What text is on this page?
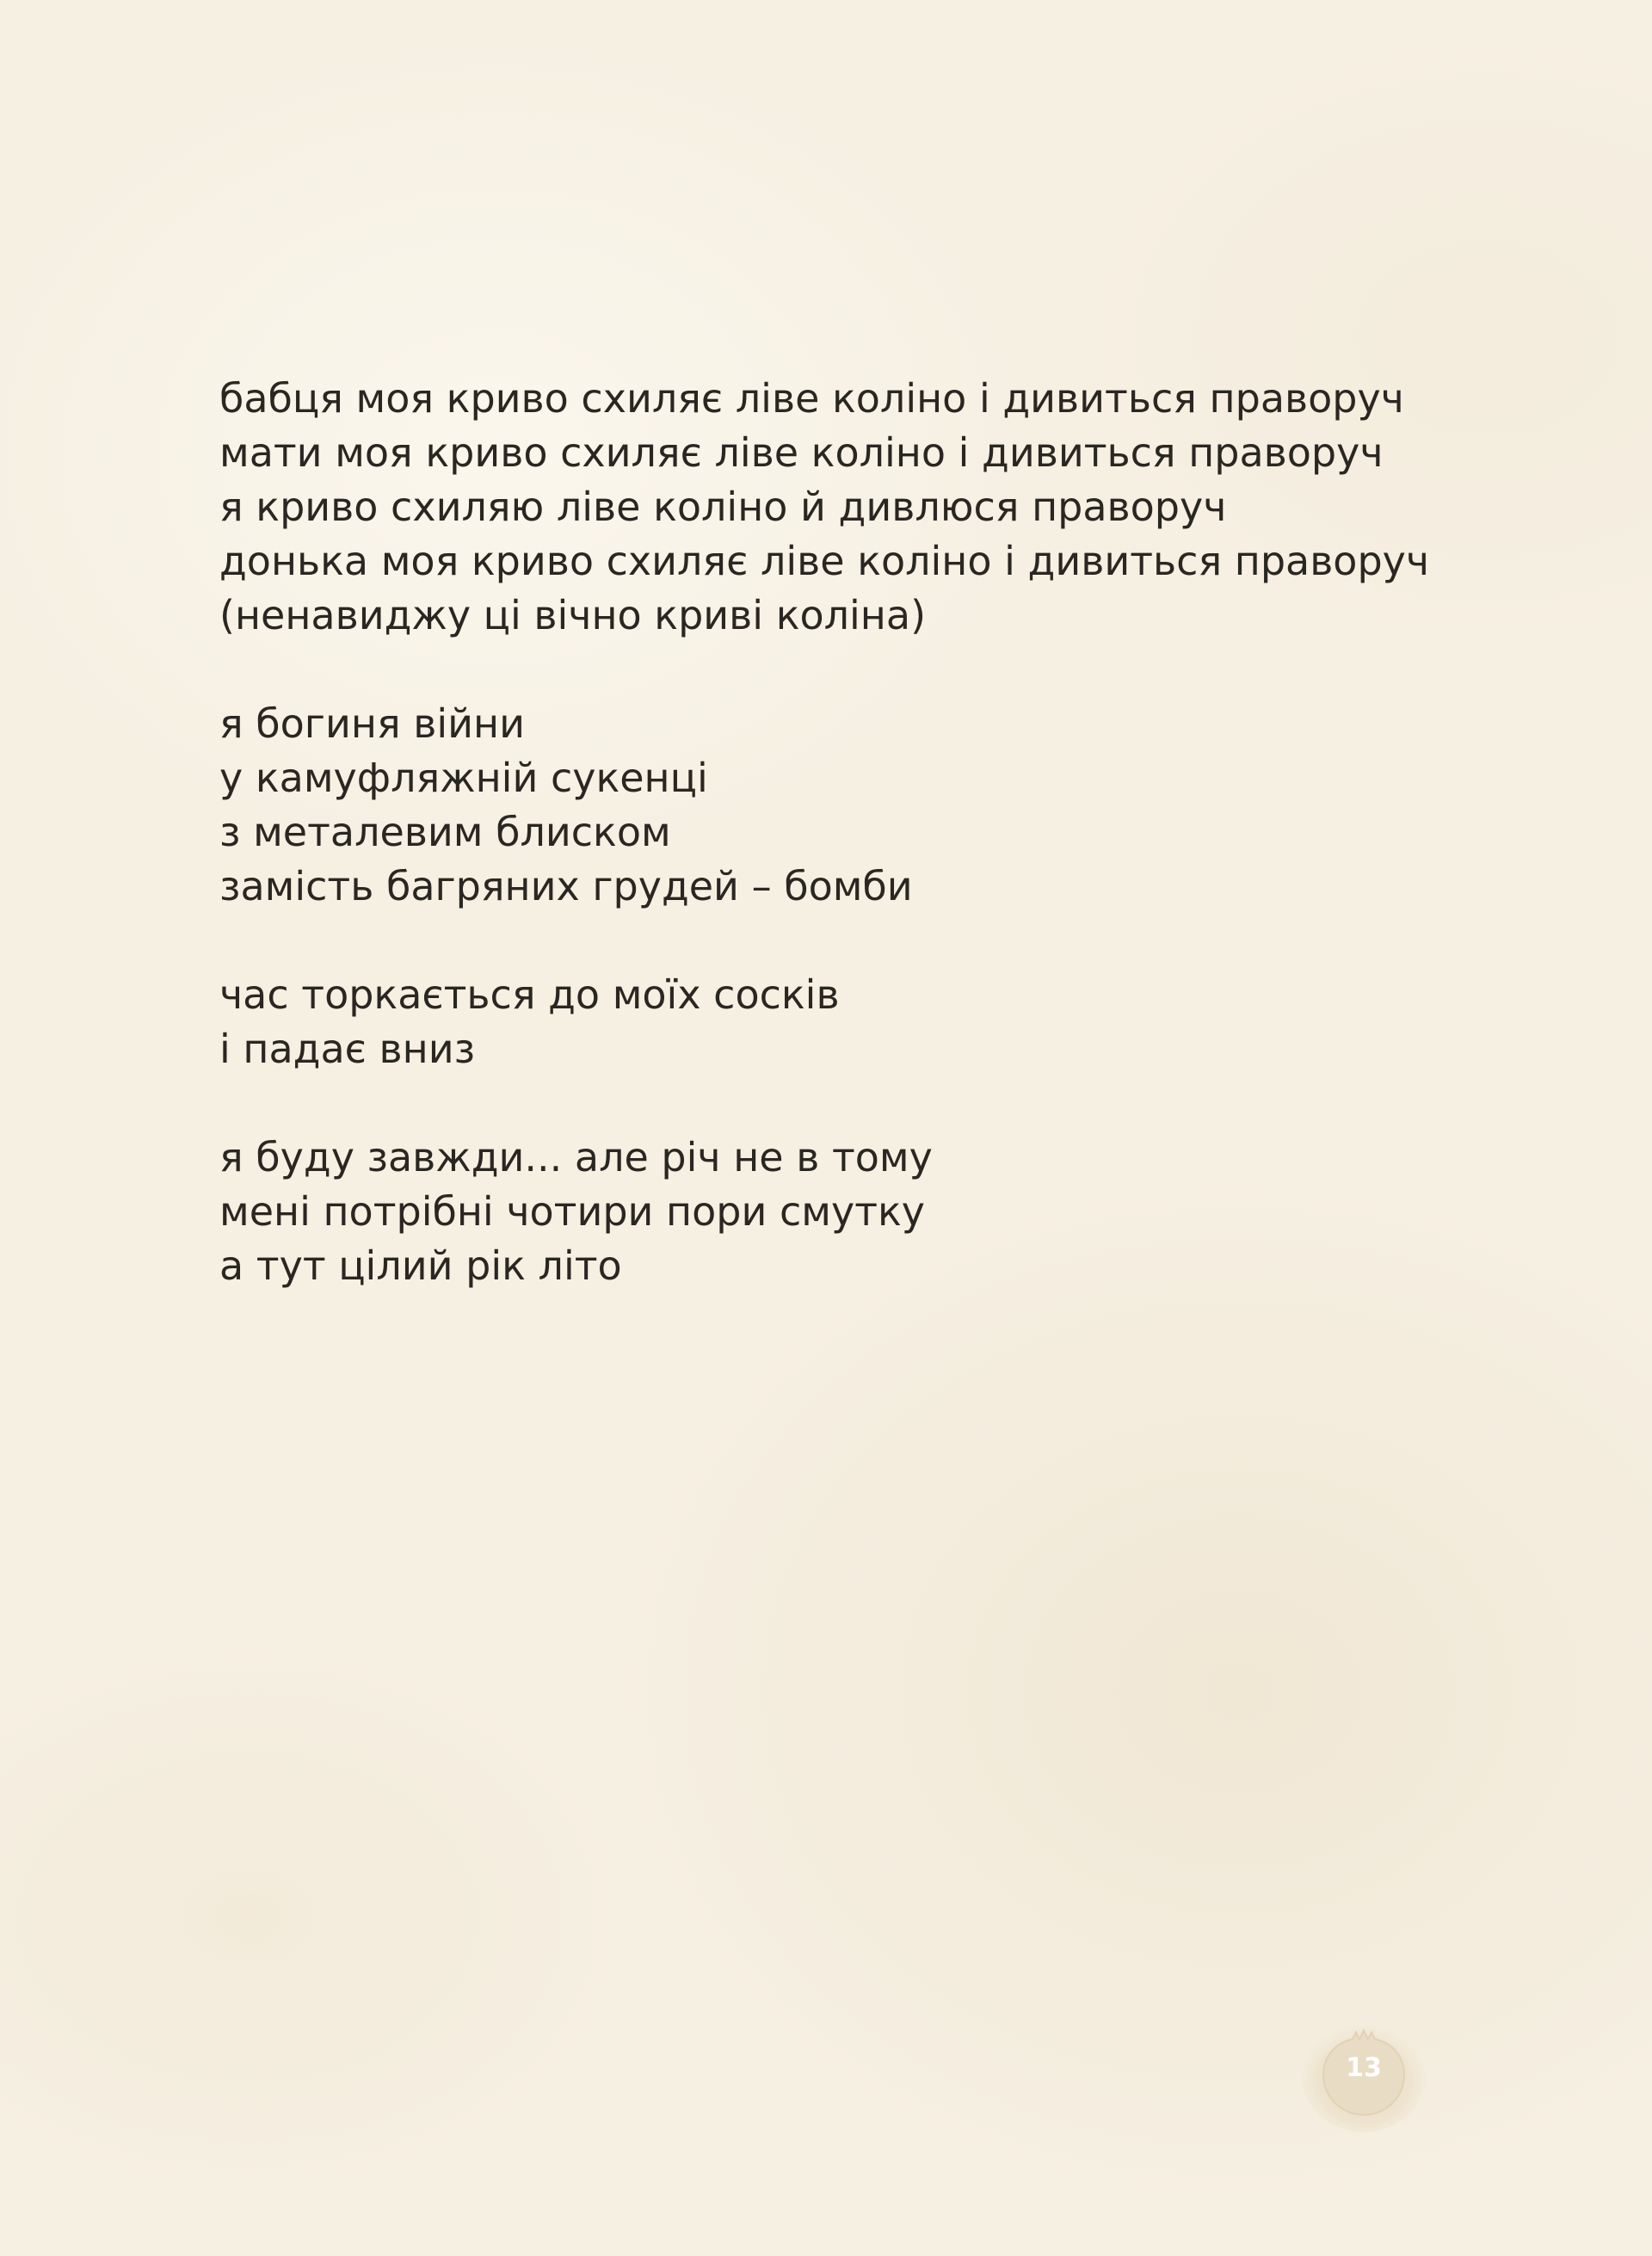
бабця моя криво схиляє ліве коліно і дивиться праворуч
мати моя криво схиляє ліве коліно і дивиться праворуч
я криво схиляю ліве коліно й дивлюся праворуч
донька моя криво схиляє ліве коліно і дивиться праворуч
(ненавиджу ці вічно криві коліна)
я богиня війни
у камуфляжній сукенці
з металевим блиском
замість багряних грудей – бомби
час торкається до моїх сосків
і падає вниз
я буду завжди... але річ не в тому
мені потрібні чотири пори смутку
а тут цілий рік літо
13
